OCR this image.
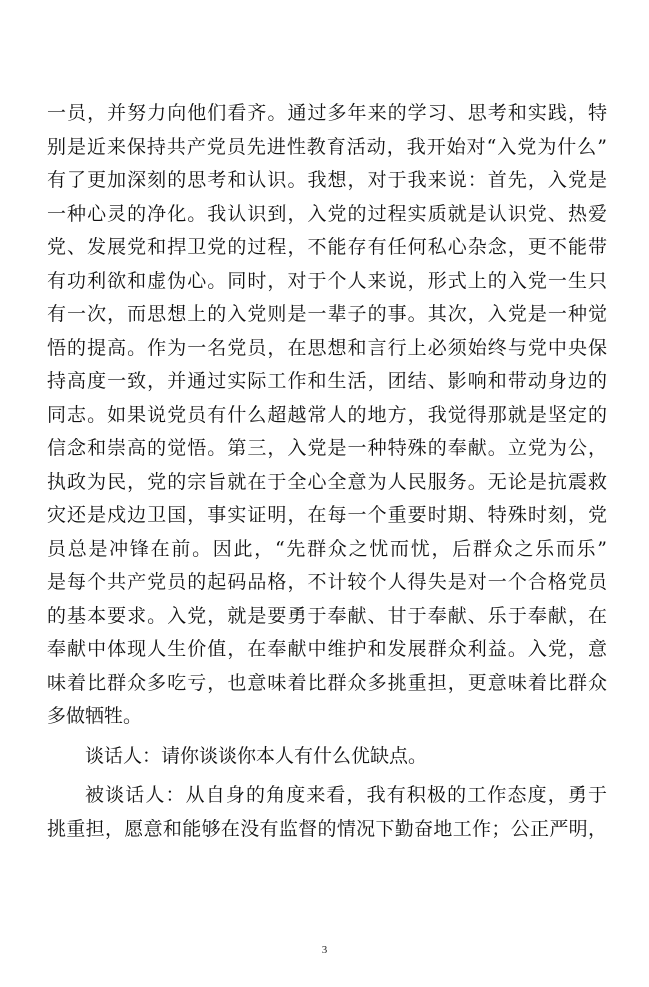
一员，并努力向他们看齐。通过多年来的学习、思考和实践，特
别是近来保持共产党员先进性教育活动，我开始对“入党为什么”
有了更加深刻的思考和认识。我想，对于我来说：首先，入党是
一种心灵的净化。我认识到，入党的过程实质就是认识党、热爱
党、发展党和捍卫党的过程，不能存有任何私心杂念，更不能带
有功利欲和虚伪心。同时，对于个人来说，形式上的入党一生只
有一次，而思想上的入党则是一辈子的事。其次，入党是一种觉
悟的提高。作为一名党员，在思想和言行上必须始终与党中央保
持高度一致，并通过实际工作和生活，团结、影响和带动身边的
同志。如果说党员有什么超越常人的地方，我觉得那就是坚定的
信念和崇高的觉悟。第三，入党是一种特殊的奉献。立党为公，
执政为民，党的宗旨就在于全心全意为人民服务。无论是抗震救
灾还是戍边卫国，事实证明，在每一个重要时期、特殊时刻，党
员总是冲锋在前。因此，“先群众之忧而忧，后群众之乐而乐”
是每个共产党员的起码品格，不计较个人得失是对一个合格党员
的基本要求。入党，就是要勇于奉献、甘于奉献、乐于奉献，在
奉献中体现人生价值，在奉献中维护和发展群众利益。入党，意
味着比群众多吃亏，也意味着比群众多挑重担，更意味着比群众
多做牺牲。
谈话人：请你谈谈你本人有什么优缺点。
被谈话人：从自身的角度来看，我有积极的工作态度，勇于
挑重担，愿意和能够在没有监督的情况下勤奋地工作；公正严明，
3
